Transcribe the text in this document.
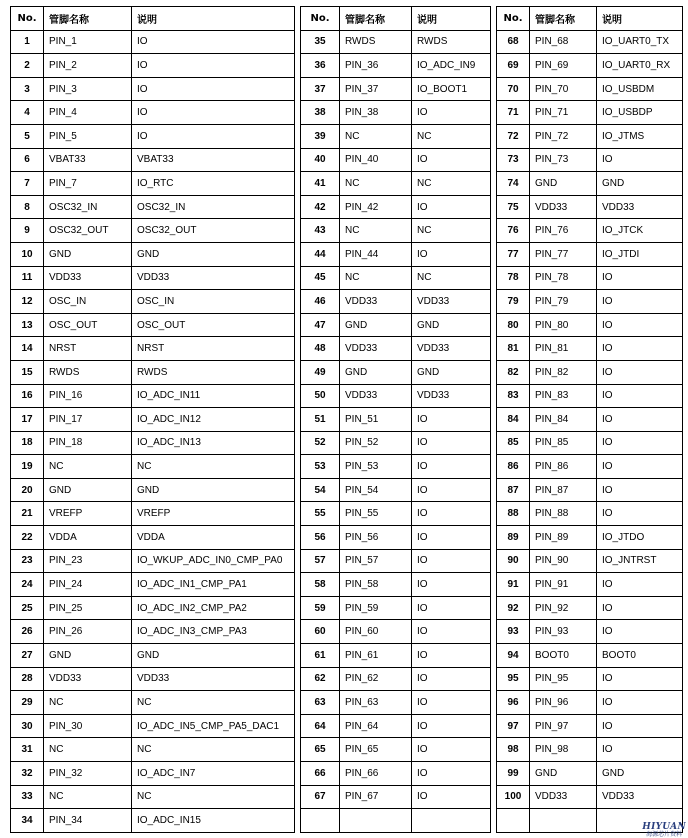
No.	管脚名称	说明
1	PIN_1	IO
2	PIN_2	IO
3	PIN_3	IO
4	PIN_4	IO
5	PIN_5	IO
6	VBAT33	VBAT33
7	PIN_7	IO_RTC
8	OSC32_IN	OSC32_IN
9	OSC32_OUT	OSC32_OUT
10	GND	GND
11	VDD33	VDD33
12	OSC_IN	OSC_IN
13	OSC_OUT	OSC_OUT
14	NRST	NRST
15	RWDS	RWDS
16	PIN_16	IO_ADC_IN11
17	PIN_17	IO_ADC_IN12
18	PIN_18	IO_ADC_IN13
19	NC	NC
20	GND	GND
21	VREFP	VREFP
22	VDDA	VDDA
23	PIN_23	IO_WKUP_ADC_IN0_CMP_PA0
24	PIN_24	IO_ADC_IN1_CMP_PA1
25	PIN_25	IO_ADC_IN2_CMP_PA2
26	PIN_26	IO_ADC_IN3_CMP_PA3
27	GND	GND
28	VDD33	VDD33
29	NC	NC
30	PIN_30	IO_ADC_IN5_CMP_PA5_DAC1
31	NC	NC
32	PIN_32	IO_ADC_IN7
33	NC	NC
34	PIN_34	IO_ADC_IN15
No.	管脚名称	说明
35	RWDS	RWDS
36	PIN_36	IO_ADC_IN9
37	PIN_37	IO_BOOT1
38	PIN_38	IO
39	NC	NC
40	PIN_40	IO
41	NC	NC
42	PIN_42	IO
43	NC	NC
44	PIN_44	IO
45	NC	NC
46	VDD33	VDD33
47	GND	GND
48	VDD33	VDD33
49	GND	GND
50	VDD33	VDD33
51	PIN_51	IO
52	PIN_52	IO
53	PIN_53	IO
54	PIN_54	IO
55	PIN_55	IO
56	PIN_56	IO
57	PIN_57	IO
58	PIN_58	IO
59	PIN_59	IO
60	PIN_60	IO
61	PIN_61	IO
62	PIN_62	IO
63	PIN_63	IO
64	PIN_64	IO
65	PIN_65	IO
66	PIN_66	IO
67	PIN_67	IO

No.	管脚名称	说明
68	PIN_68	IO_UART0_TX
69	PIN_69	IO_UART0_RX
70	PIN_70	IO_USBDM
71	PIN_71	IO_USBDP
72	PIN_72	IO_JTMS
73	PIN_73	IO
74	GND	GND
75	VDD33	VDD33
76	PIN_76	IO_JTCK
77	PIN_77	IO_JTDI
78	PIN_78	IO
79	PIN_79	IO
80	PIN_80	IO
81	PIN_81	IO
82	PIN_82	IO
83	PIN_83	IO
84	PIN_84	IO
85	PIN_85	IO
86	PIN_86	IO
87	PIN_87	IO
88	PIN_88	IO
89	PIN_89	IO_JTDO
90	PIN_90	IO_JNTRST
91	PIN_91	IO
92	PIN_92	IO
93	PIN_93	IO
94	BOOT0	BOOT0
95	PIN_95	IO
96	PIN_96	IO
97	PIN_97	IO
98	PIN_98	IO
99	GND	GND
100	VDD33	VDD33

HIYUAN
海源芯片资料
